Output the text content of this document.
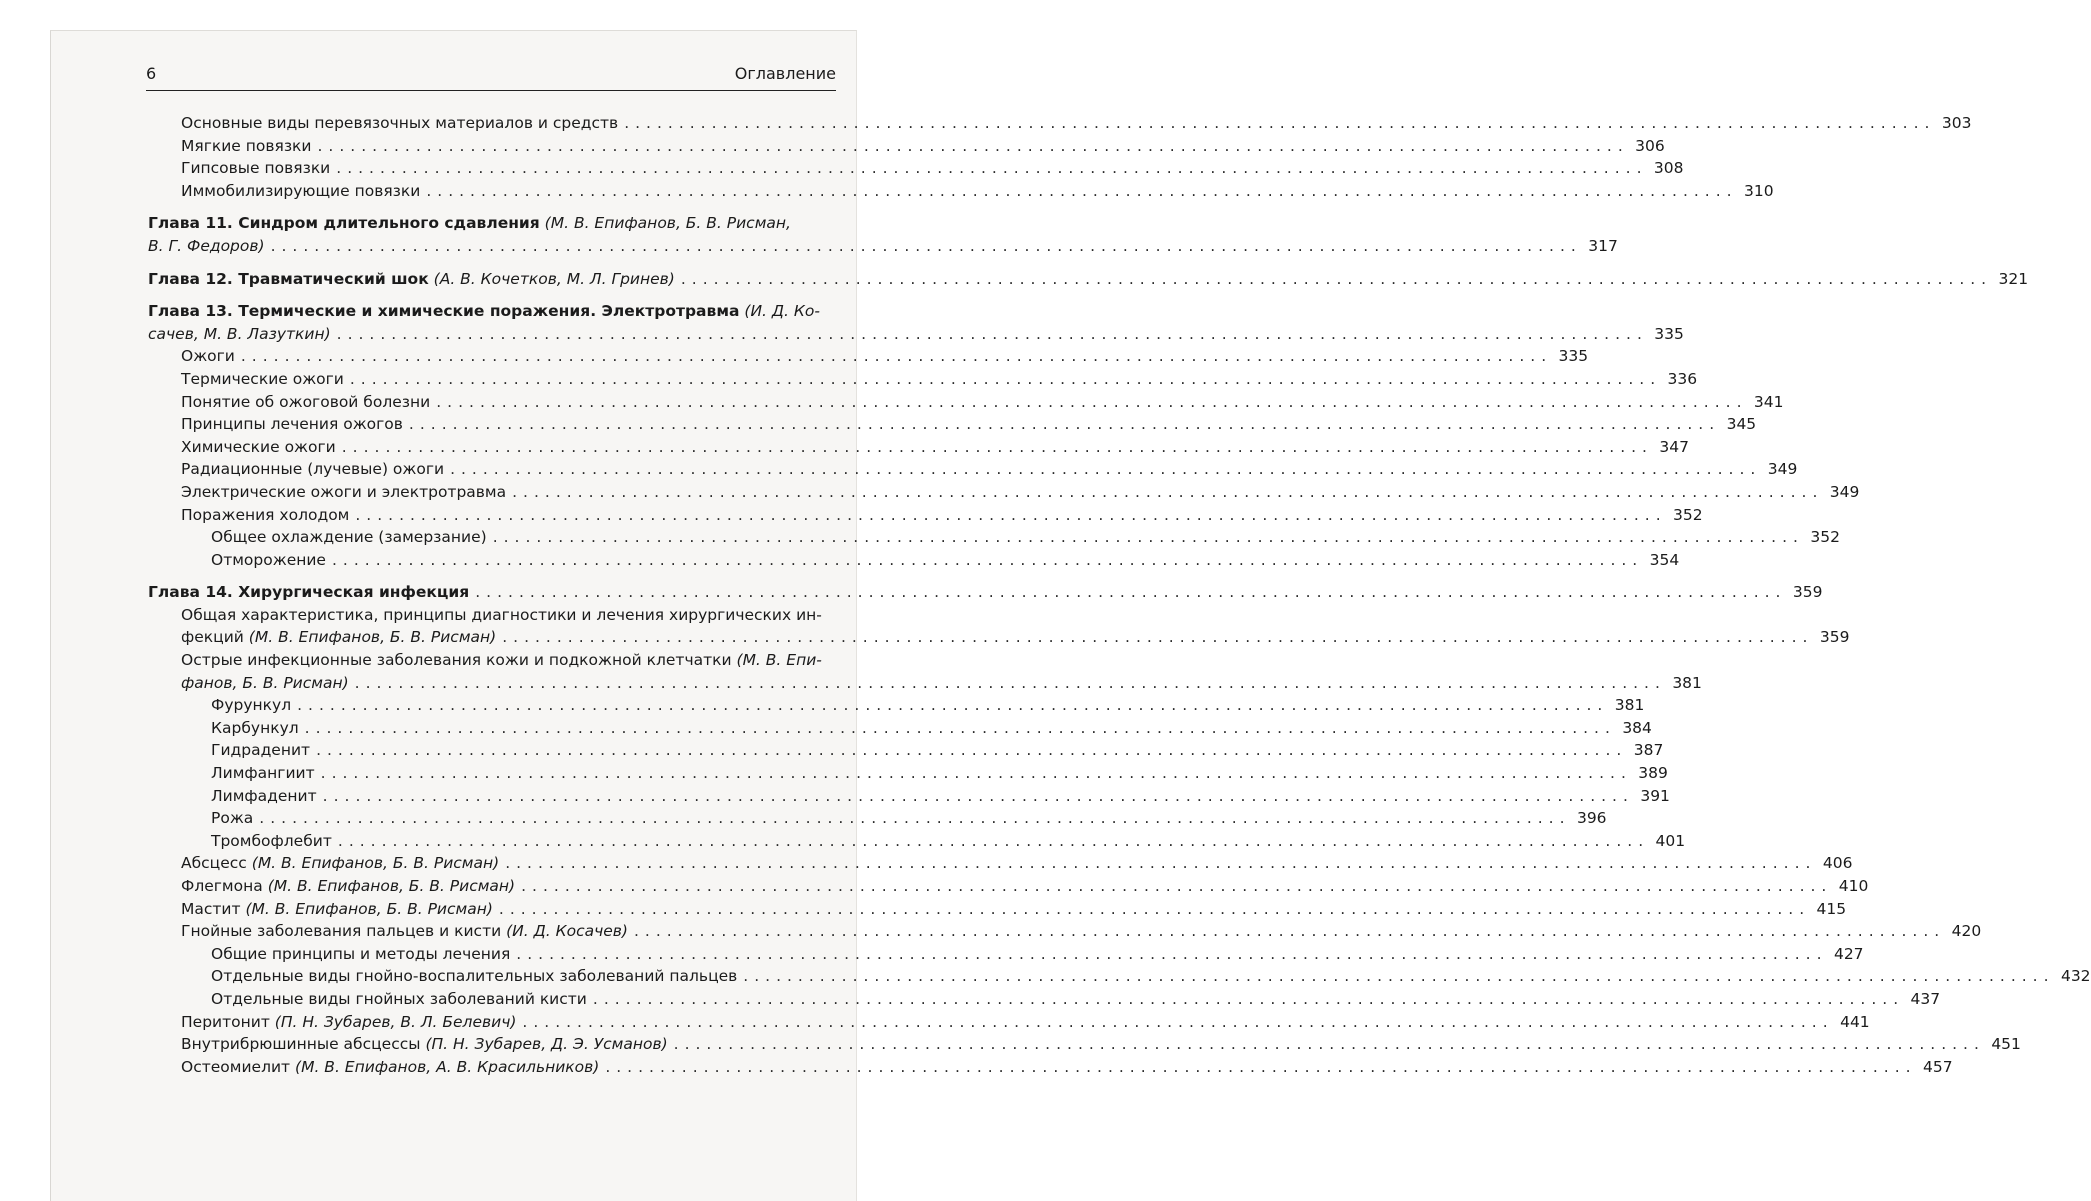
6	Оглавление
Основные виды перевязочных материалов и средств ........................................................................................................................ 303
Мягкие повязки ........................................................................................................................ 306
Гипсовые повязки ........................................................................................................................ 308
Иммобилизирующие повязки ........................................................................................................................ 310
Глава 11. Синдром длительного сдавления (М. В. Епифанов, Б. В. Рисман,
В. Г. Федоров) ........................................................................................................................ 317
Глава 12. Травматический шок (А. В. Кочетков, М. Л. Гринев) ........................................................................................................................ 321
Глава 13. Термические и химические поражения. Электротравма (И. Д. Ко-
сачев, М. В. Лазуткин) ........................................................................................................................ 335
Ожоги ........................................................................................................................ 335
Термические ожоги ........................................................................................................................ 336
Понятие об ожоговой болезни ........................................................................................................................ 341
Принципы лечения ожогов ........................................................................................................................ 345
Химические ожоги ........................................................................................................................ 347
Радиационные (лучевые) ожоги ........................................................................................................................ 349
Электрические ожоги и электротравма ........................................................................................................................ 349
Поражения холодом ........................................................................................................................ 352
Общее охлаждение (замерзание) ........................................................................................................................ 352
Отморожение ........................................................................................................................ 354
Глава 14. Хирургическая инфекция ........................................................................................................................ 359
Общая характеристика, принципы диагностики и лечения хирургических ин-
фекций (М. В. Епифанов, Б. В. Рисман) ........................................................................................................................ 359
Острые инфекционные заболевания кожи и подкожной клетчатки (М. В. Епи-
фанов, Б. В. Рисман) ........................................................................................................................ 381
Фурункул ........................................................................................................................ 381
Карбункул ........................................................................................................................ 384
Гидраденит ........................................................................................................................ 387
Лимфангиит ........................................................................................................................ 389
Лимфаденит ........................................................................................................................ 391
Рожа ........................................................................................................................ 396
Тромбофлебит ........................................................................................................................ 401
Абсцесс (М. В. Епифанов, Б. В. Рисман) ........................................................................................................................ 406
Флегмона (М. В. Епифанов, Б. В. Рисман) ........................................................................................................................ 410
Мастит (М. В. Епифанов, Б. В. Рисман) ........................................................................................................................ 415
Гнойные заболевания пальцев и кисти (И. Д. Косачев) ........................................................................................................................ 420
Общие принципы и методы лечения ........................................................................................................................ 427
Отдельные виды гнойно-воспалительных заболеваний пальцев ........................................................................................................................ 432
Отдельные виды гнойных заболеваний кисти ........................................................................................................................ 437
Перитонит (П. Н. Зубарев, В. Л. Белевич) ........................................................................................................................ 441
Внутрибрюшинные абсцессы (П. Н. Зубарев, Д. Э. Усманов) ........................................................................................................................ 451
Остеомиелит (М. В. Епифанов, А. В. Красильников) ........................................................................................................................ 457
